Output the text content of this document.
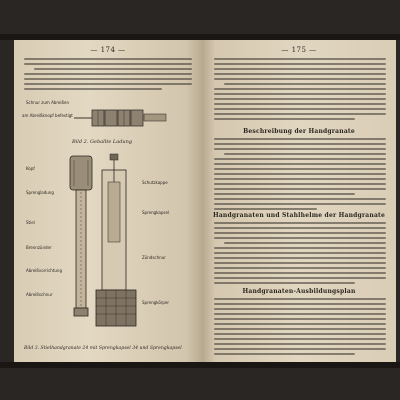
— 174 —
Schnur zum Abreißen
am Abreißknopf befestigt
Bild 2. Geballte Ladung
Kopf
Sprengladung
Stiel
Brennzünder
Abreißvorrichtung
Abreißschnur
Schutzkappe
Sprengkapsel
Zündschnur
Sprengkörper
Bild 3. Stielhandgranate 24 mit Sprengkapsel 34 und Sprengkapsel
— 175 —
Beschreibung der Handgranate
Handgranaten und Stahlhelme der Handgranate
Handgranaten-Ausbildungsplan
